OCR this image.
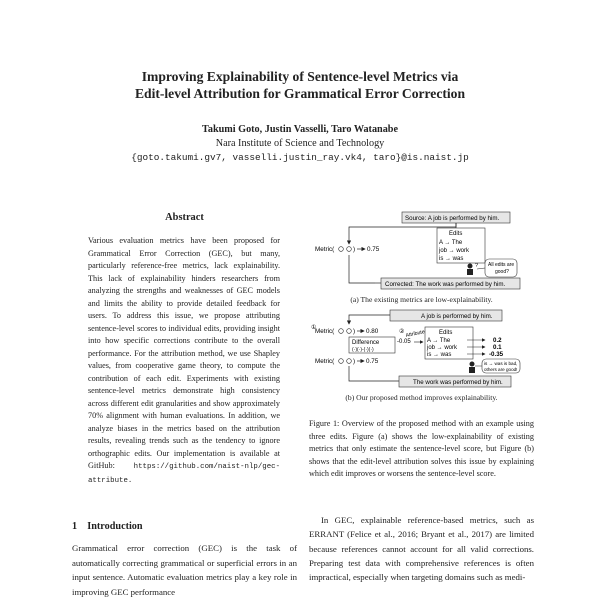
Improving Explainability of Sentence-level Metrics via
Edit-level Attribution for Grammatical Error Correction
Takumi Goto, Justin Vasselli, Taro Watanabe
Nara Institute of Science and Technology
{goto.takumi.gv7, vasselli.justin_ray.vk4, taro}@is.naist.jp
Abstract
Various evaluation metrics have been proposed for Grammatical Error Correction (GEC), but many, particularly reference-free metrics, lack explainability. This lack of explainability hinders researchers from analyzing the strengths and weaknesses of GEC models and limits the ability to provide detailed feedback for users. To address this issue, we propose attributing sentence-level scores to individual edits, providing insight into how specific corrections contribute to the overall performance. For the attribution method, we use Shapley values, from cooperative game theory, to compute the contribution of each edit. Experiments with existing sentence-level metrics demonstrate high consistency across different edit granularities and show approximately 70% alignment with human evaluations. In addition, we analyze biases in the metrics based on the attribution results, revealing trends such as the tendency to ignore orthographic edits. Our implementation is available at GitHub:	https://github.com/naist-nlp/gec-attribute.
1 Introduction
Grammatical error correction (GEC) is the task of automatically correcting grammatical or superficial errors in an input sentence. Automatic evaluation metrics play a key role in improving GEC performance
Source: A job is performed by him.
Metric(	) 0.75
Edits
A → The
job → work
is → was
? All edits are
good?
Corrected: The work was performed by him.
(a) The existing metrics are low-explainability.
A job is performed by him.
Metric(	) 0.80
①
Difference
(·)(·)-(·)(·)
-0.05
② Attribute Edits
A → The
job → work
is → was
0.2
0.1
-0.35
is → was is bad,
others are good!
Metric(	) 0.75
The work was performed by him.
(b) Our proposed method improves explainability.
Figure 1: Overview of the proposed method with an example using three edits. Figure (a) shows the low-explainability of existing metrics that only estimate the sentence-level score, but Figure (b) shows that the edit-level attribution solves this issue by explaining which edit improves or worsens the sentence-level score.
In GEC, explainable reference-based metrics, such as ERRANT (Felice et al., 2016; Bryant et al., 2017) are limited because references cannot account for all valid corrections. Preparing test data with comprehensive references is often impractical, especially when targeting domains such as medi-
